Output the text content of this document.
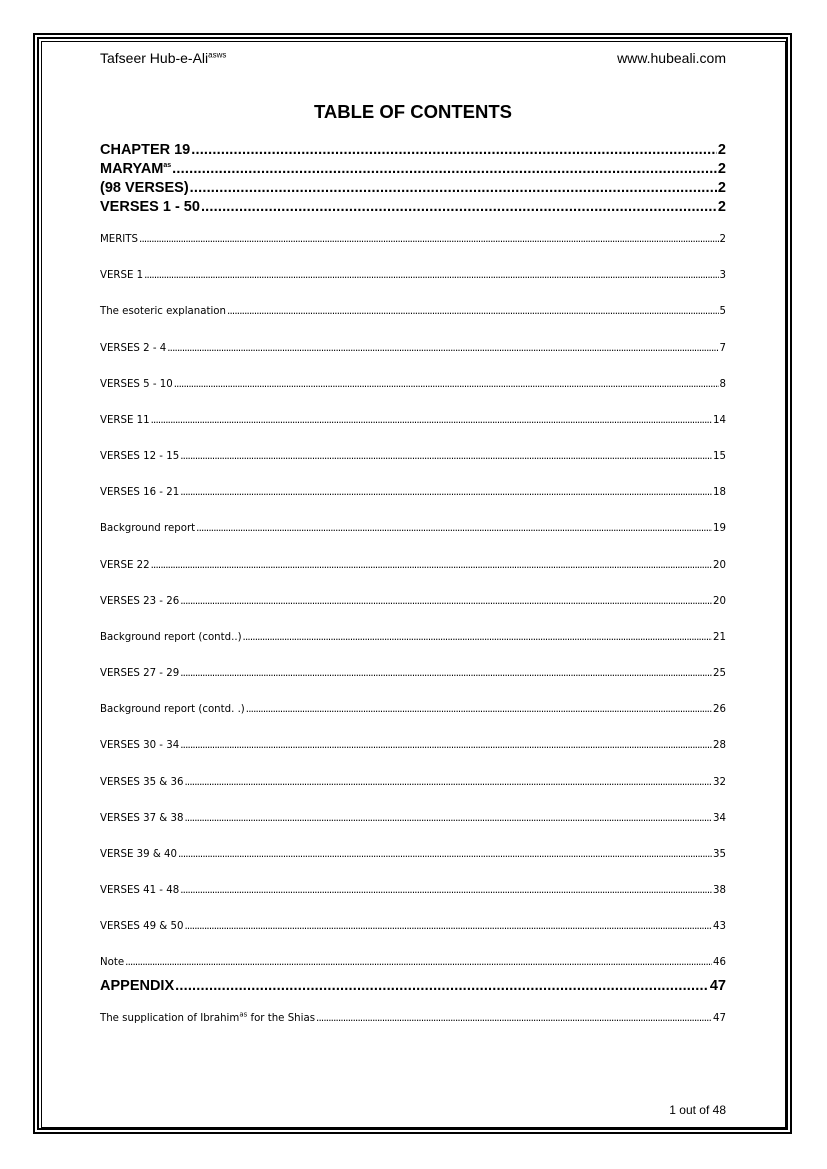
Tafseer Hub-e-Ali$^{asws}$	www.hubeali.com
TABLE OF CONTENTS
CHAPTER 19 .....	2
$MARYAM^{as}$ .....	2
(98 VERSES) .....	2
VERSES 1 - 50 .....	2
MERITS .....	2
VERSE 1 .....	3
The esoteric explanation .....	5
VERSES 2 - 4 .....	7
VERSES 5 - 10 .....	8
VERSE 11 .....	14
VERSES 12 - 15 .....	15
VERSES 16 - 21 .....	18
Background report .....	19
VERSE 22 .....	20
VERSES 23 - 26 .....	20
Background report (contd..) .....	21
VERSES 27 - 29 .....	25
Background report (contd. .) .....	26
VERSES 30 - 34 .....	28
VERSES 35 & 36 .....	32
VERSES 37 & 38 .....	34
VERSE 39 & 40 .....	35
VERSES 41 - 48 .....	38
VERSES 49 & 50 .....	43
Note .....	46
APPENDIX .....	47
The supplication of Ibrahim$^{as}$ for the Shias .....	47
1 out of 48
